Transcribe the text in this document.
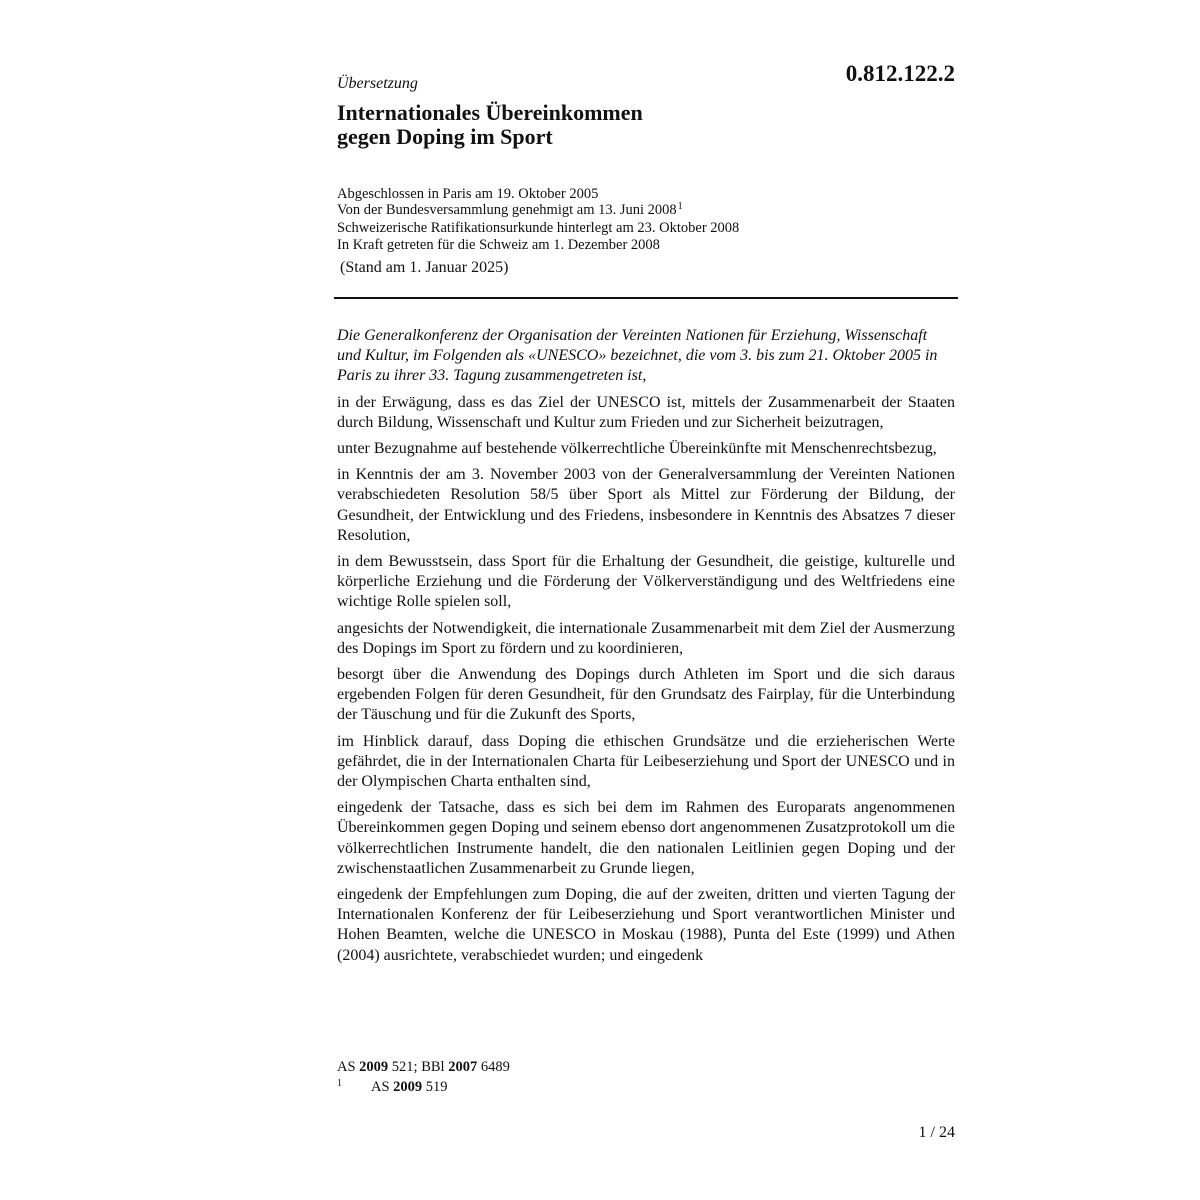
0.812.122.2
Übersetzung
Internationales Übereinkommen
gegen Doping im Sport
Abgeschlossen in Paris am 19. Oktober 2005
Von der Bundesversammlung genehmigt am 13. Juni 2008$^1$
Schweizerische Ratifikationsurkunde hinterlegt am 23. Oktober 2008
In Kraft getreten für die Schweiz am 1. Dezember 2008
(Stand am 1. Januar 2025)

Die Generalkonferenz der Organisation der Vereinten Nationen für Erziehung, Wissenschaft und Kultur, im Folgenden als «UNESCO» bezeichnet, die vom 3. bis zum 21. Oktober 2005 in Paris zu ihrer 33. Tagung zusammengetreten ist,

in der Erwägung, dass es das Ziel der UNESCO ist, mittels der Zusammenarbeit der Staaten durch Bildung, Wissenschaft und Kultur zum Frieden und zur Sicherheit beizutragen,

unter Bezugnahme auf bestehende völkerrechtliche Übereinkünfte mit Menschenrechtsbezug,

in Kenntnis der am 3. November 2003 von der Generalversammlung der Vereinten Nationen verabschiedeten Resolution 58/5 über Sport als Mittel zur Förderung der Bildung, der Gesundheit, der Entwicklung und des Friedens, insbesondere in Kenntnis des Absatzes 7 dieser Resolution,

in dem Bewusstsein, dass Sport für die Erhaltung der Gesundheit, die geistige, kulturelle und körperliche Erziehung und die Förderung der Völkerverständigung und des Weltfriedens eine wichtige Rolle spielen soll,

angesichts der Notwendigkeit, die internationale Zusammenarbeit mit dem Ziel der Ausmerzung des Dopings im Sport zu fördern und zu koordinieren,

besorgt über die Anwendung des Dopings durch Athleten im Sport und die sich daraus ergebenden Folgen für deren Gesundheit, für den Grundsatz des Fairplay, für die Unterbindung der Täuschung und für die Zukunft des Sports,

im Hinblick darauf, dass Doping die ethischen Grundsätze und die erzieherischen Werte gefährdet, die in der Internationalen Charta für Leibeserziehung und Sport der UNESCO und in der Olympischen Charta enthalten sind,

eingedenk der Tatsache, dass es sich bei dem im Rahmen des Europarats angenommenen Übereinkommen gegen Doping und seinem ebenso dort angenommenen Zusatzprotokoll um die völkerrechtlichen Instrumente handelt, die den nationalen Leitlinien gegen Doping und der zwischenstaatlichen Zusammenarbeit zu Grunde liegen,

eingedenk der Empfehlungen zum Doping, die auf der zweiten, dritten und vierten Tagung der Internationalen Konferenz der für Leibeserziehung und Sport verantwortlichen Minister und Hohen Beamten, welche die UNESCO in Moskau (1988), Punta del Este (1999) und Athen (2004) ausrichtete, verabschiedet wurden; und eingedenk

AS
2009
521; BBl
2007
6489
1	AS
2009
519
1 / 24
